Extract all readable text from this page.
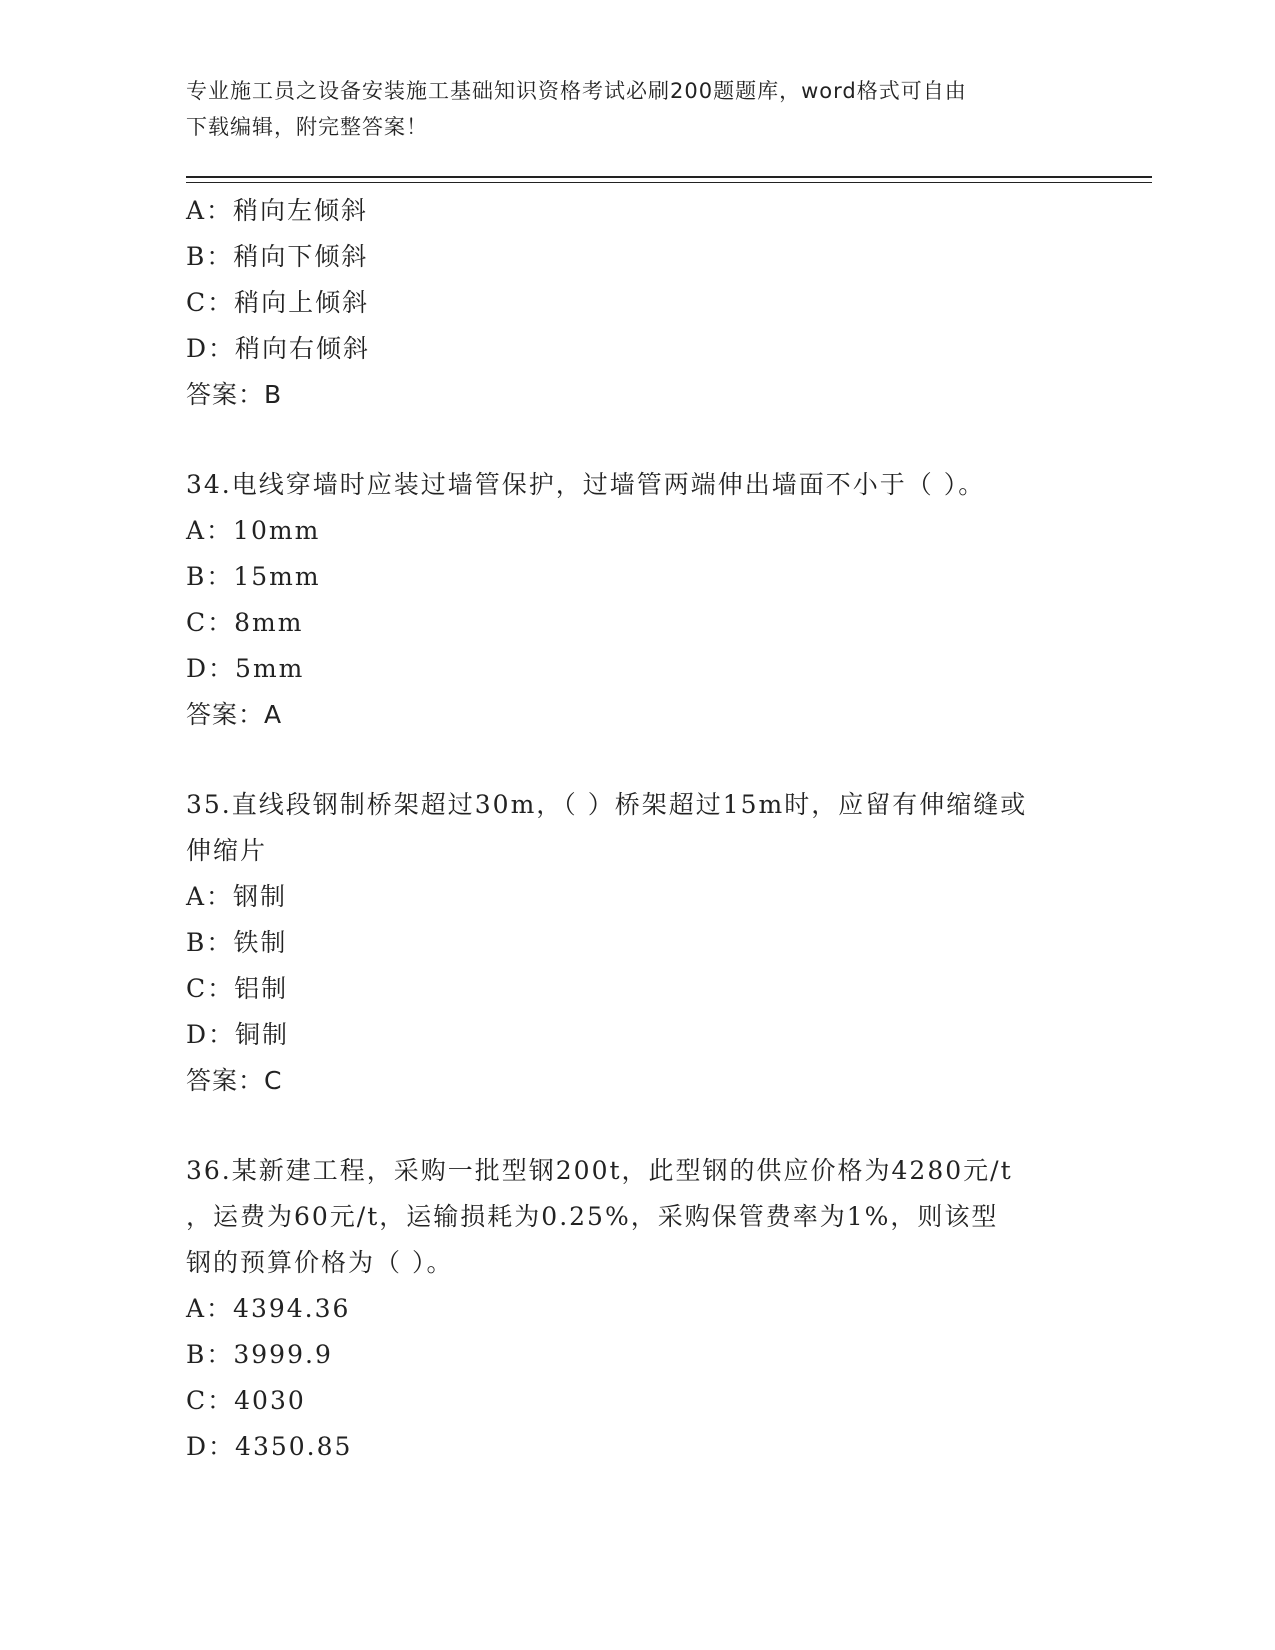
专业施工员之设备安装施工基础知识资格考试必刷200题题库，word格式可自由
下载编辑，附完整答案！
A：稍向左倾斜
B：稍向下倾斜
C：稍向上倾斜
D：稍向右倾斜
答案：B
34.电线穿墙时应装过墙管保护，过墙管两端伸出墙面不小于（ ）。
A：10mm
B：15mm
C：8mm
D：5mm
答案：A
35.直线段钢制桥架超过30m，（ ）桥架超过15m时，应留有伸缩缝或
伸缩片
A：钢制
B：铁制
C：铝制
D：铜制
答案：C
36.某新建工程，采购一批型钢200t，此型钢的供应价格为4280元/t
，运费为60元/t，运输损耗为0.25%，采购保管费率为1%，则该型
钢的预算价格为（ ）。
A：4394.36
B：3999.9
C：4030
D：4350.85
